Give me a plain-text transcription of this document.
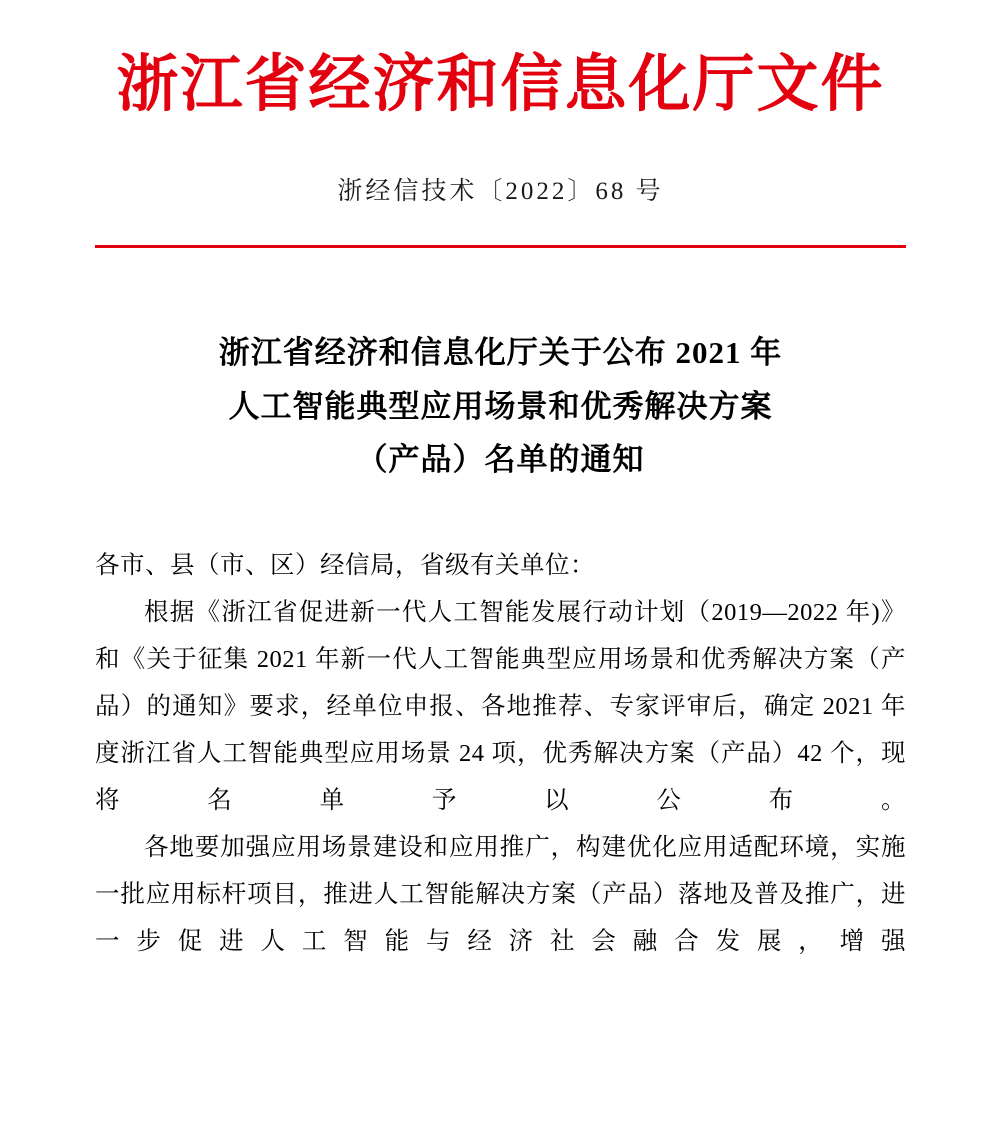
浙江省经济和信息化厅文件
浙经信技术〔2022〕68 号
浙江省经济和信息化厅关于公布 2021 年
人工智能典型应用场景和优秀解决方案
（产品）名单的通知

各市、县（市、区）经信局，省级有关单位：

根据《浙江省促进新一代人工智能发展行动计划（2019—2022 年)》和《关于征集 2021 年新一代人工智能典型应用场景和优秀解决方案（产品）的通知》要求，经单位申报、各地推荐、专家评审后，确定 2021 年度浙江省人工智能典型应用场景 24 项，优秀解决方案（产品）42 个，现将名单予以公布。

各地要加强应用场景建设和应用推广，构建优化应用适配环境，实施一批应用标杆项目，推进人工智能解决方案（产品）落地及普及推广，进一步促进人工智能与经济社会融合发展，增强
